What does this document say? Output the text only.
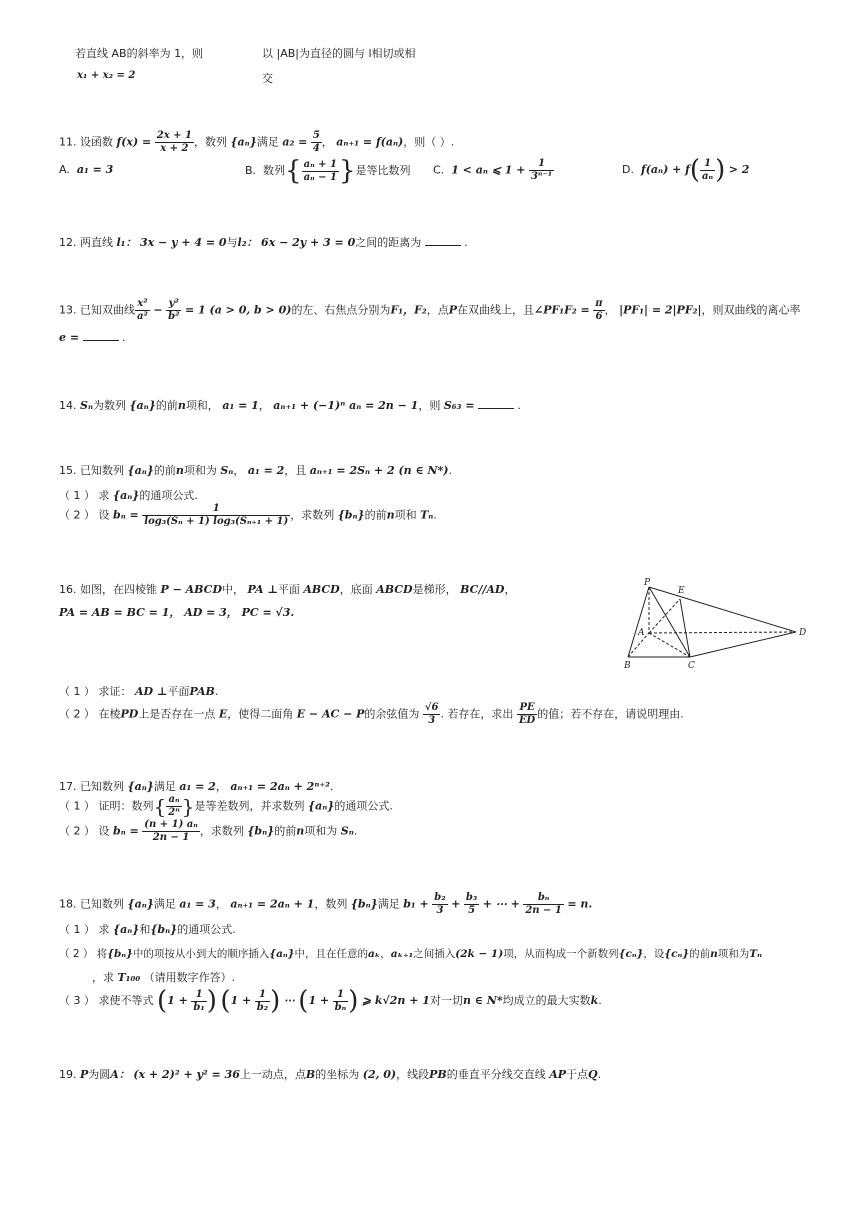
若直线 AB的斜率为 1，则
x₁ + x₂ = 2
以 |AB|为直径的圆与 l相切或相
交
11. 设函数 $f(x) = \frac{2x + 1}{x + 2}$ ，数列 {aₙ}满足 $a_2 = \frac{5}{4}$ ， aₙ₊₁ = f(aₙ)，则（ ）.
A. a₁ = 3	B. 数列{ $\frac{\text{aₙ + 1}}{\text{aₙ − 1}}$ }是等比数列 C. 1 < aₙ ⩽ $1 + \frac{1}{\text{3ⁿ⁻¹}}$	D. $f(a_n) + f( \frac{1}{\text{aₙ}}$ ) > 2
12. 两直线 l₁： 3x − y + 4 = 0与l₂： 6x − 2y + 3 = 0之间的距离为	.
13. 已知双曲线 $\frac{\text{x²}}{\text{a²}} - \frac{\text{y²}}{\text{b²}} = 1$ (a > 0, b > 0)的左、右焦点分别为F₁，F₂，点P在双曲线上，且∠PF₁F₂ = $\frac{\pi}{6}$ ， |PF₁| = 2|PF₂|，则双曲线的离心率
e =	.
14. Sₙ为数列 {aₙ}的前n项和， a₁ = 1， aₙ₊₁ + (−1)ⁿ aₙ = 2n − 1，则 S₆₃ =	.
15. 已知数列 {aₙ}的前n项和为 Sₙ， a₁ = 2，且 aₙ₊₁ = 2Sₙ + 2 (n ∈ N*).
（ 1 ） 求 {aₙ}的通项公式.
（ 2 ） 设 $b_n = \frac{1}{\text{log₃(Sₙ + 1) log₃(Sₙ₊₁ + 1)}}$ ，求数列 {bₙ}的前n项和 Tₙ.
16. 如图，在四棱锥 P − ABCD中， PA ⊥平面 ABCD，底面 ABCD是梯形， BC//AD，
PA = AB = BC = 1， AD = 3， PC = √3.
P
E
A	D
B	C
（ 1 ） 求证： AD ⊥平面PAB.
（ 2 ） 在棱PD上是否存在一点 E，使得二面角 E − AC − P的余弦值为 $\frac{√6}{3}$ . 若存在，求出 $\frac{PE}{ED}$ 的值；若不存在，请说明理由.
17. 已知数列 {aₙ}满足 a₁ = 2， aₙ₊₁ = 2aₙ + 2ⁿ⁺².
（ 1 ） 证明：数列{ $\frac{\text{aₙ}}{\text{2ⁿ}}$ }是等差数列，并求数列 {aₙ}的通项公式.
（ 2 ） 设 $b_n = \frac{\text{(n + 1) aₙ}}{2n - 1}$ ，求数列 {bₙ}的前n项和为 Sₙ.
18. 已知数列 {aₙ}满足 a₁ = 3， aₙ₊₁ = 2aₙ + 1，数列 {bₙ}满足 $b_1 + \frac{\text{b₂}}{3} + \frac{\text{b₃}}{5}$ + ⋯ + $\frac{\text{bₙ}}{2n - 1} = n$.
（ 1 ） 求 {aₙ}和{bₙ}的通项公式.
（ 2 ） 将{bₙ}中的项按从小到大的顺序插入{aₙ}中，且在任意的aₖ，aₖ₊₁之间插入(2k − 1)项，从而构成一个新数列{cₙ}，设{cₙ}的前n项和为Tₙ
，求 T₁₀₀ （请用数字作答）.
（ 3 ） 求使不等式 ($1 + \frac{1}{\text{b₁}}$ ) ($1 + \frac{1}{\text{b₂}}$ ) ⋯ ($1 + \frac{1}{\text{bₙ}}$ ) ⩾ k√2n + 1对一切n ∈ N*均成立的最大实数k.
19. P为圆A： (x + 2)² + y² = 36上一动点，点B的坐标为 (2, 0)，线段PB的垂直平分线交直线 AP于点Q.
